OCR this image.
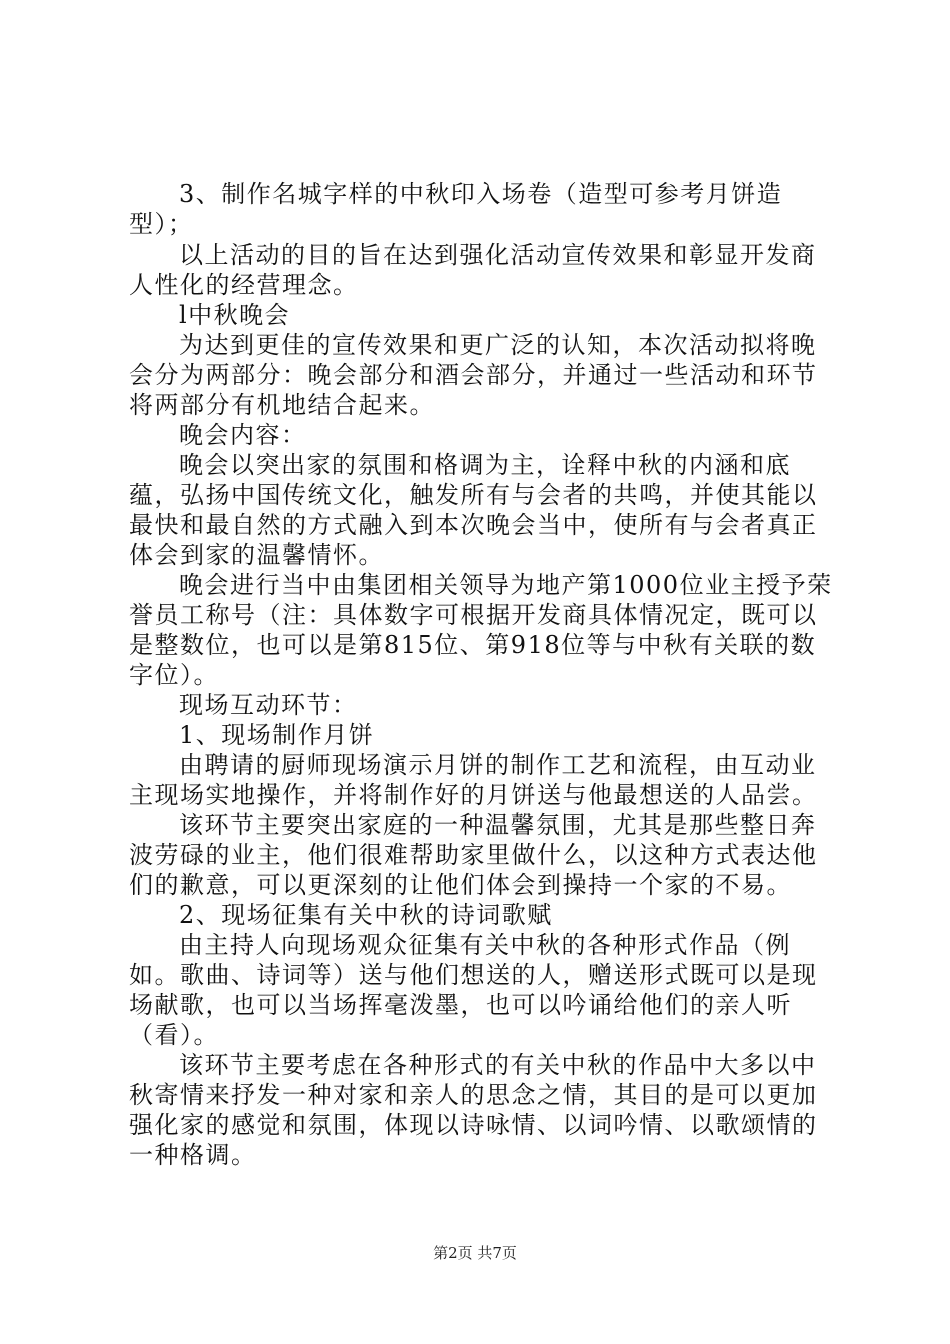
3、制作名城字样的中秋印入场卷（造型可参考月饼造型）；

以上活动的目的旨在达到强化活动宣传效果和彰显开发商人性化的经营理念。

l中秋晚会

为达到更佳的宣传效果和更广泛的认知，本次活动拟将晚会分为两部分：晚会部分和酒会部分，并通过一些活动和环节将两部分有机地结合起来。

晚会内容：

晚会以突出家的氛围和格调为主，诠释中秋的内涵和底蕴，弘扬中国传统文化，触发所有与会者的共鸣，并使其能以最快和最自然的方式融入到本次晚会当中，使所有与会者真正体会到家的温馨情怀。

晚会进行当中由集团相关领导为地产第1000位业主授予荣誉员工称号（注：具体数字可根据开发商具体情况定，既可以是整数位，也可以是第815位、第918位等与中秋有关联的数字位）。

现场互动环节：

1、现场制作月饼

由聘请的厨师现场演示月饼的制作工艺和流程，由互动业主现场实地操作，并将制作好的月饼送与他最想送的人品尝。

该环节主要突出家庭的一种温馨氛围，尤其是那些整日奔波劳碌的业主，他们很难帮助家里做什么，以这种方式表达他们的歉意，可以更深刻的让他们体会到操持一个家的不易。

2、现场征集有关中秋的诗词歌赋

由主持人向现场观众征集有关中秋的各种形式作品（例如。歌曲、诗词等）送与他们想送的人，赠送形式既可以是现场献歌，也可以当场挥毫泼墨，也可以吟诵给他们的亲人听（看）。

该环节主要考虑在各种形式的有关中秋的作品中大多以中秋寄情来抒发一种对家和亲人的思念之情，其目的是可以更加强化家的感觉和氛围，体现以诗咏情、以词吟情、以歌颂情的一种格调。

第2页 共7页
